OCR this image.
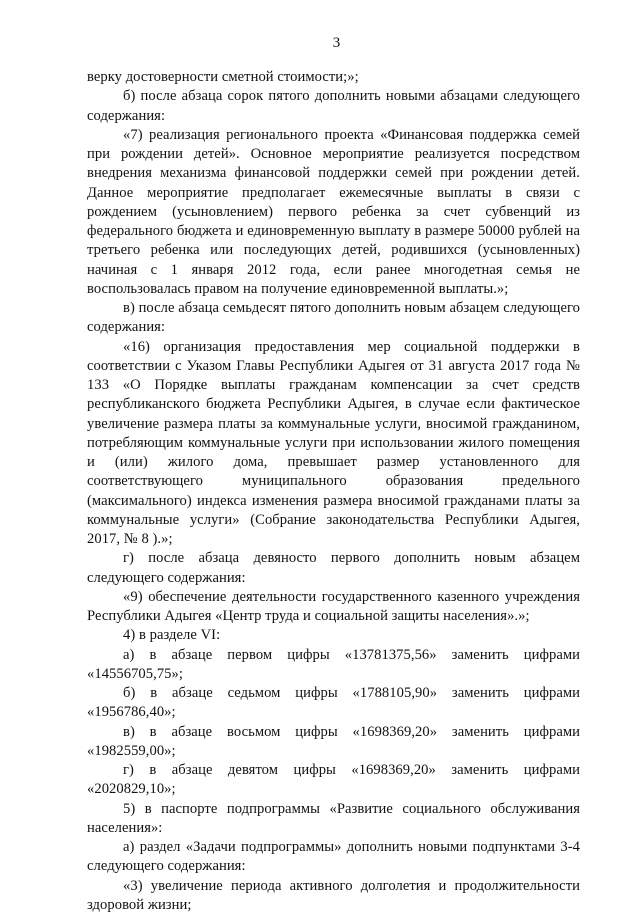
3

верку достоверности сметной стоимости;»;

б) после абзаца сорок пятого дополнить новыми абзацами следующего содержания:

«7) реализация регионального проекта «Финансовая поддержка семей при рождении детей». Основное мероприятие реализуется посредством внедрения механизма финансовой поддержки семей при рождении детей. Данное мероприятие предполагает ежемесячные выплаты в связи с рождением (усыновлением) первого ребенка за счет субвенций из федерального бюджета и единовременную выплату в размере 50000 рублей на третьего ребенка или последующих детей, родившихся (усыновленных) начиная с 1 января 2012 года, если ранее многодетная семья не воспользовалась правом на получение единовременной выплаты.»;

в) после абзаца семьдесят пятого дополнить новым абзацем следующего содержания:

«16) организация предоставления мер социальной поддержки в соответствии с Указом Главы Республики Адыгея от 31 августа 2017 года № 133 «О Порядке выплаты гражданам компенсации за счет средств республиканского бюджета Республики Адыгея, в случае если фактическое увеличение размера платы за коммунальные услуги, вносимой гражданином, потребляющим коммунальные услуги при использовании жилого помещения и (или) жилого дома, превышает размер установленного для соответствующего муниципального образования предельного (максимального) индекса изменения размера вносимой гражданами платы за коммунальные услуги» (Собрание законодательства Республики Адыгея, 2017, № 8 ).»;

г) после абзаца девяносто первого дополнить новым абзацем следующего содержания:

«9) обеспечение деятельности государственного казенного учреждения Республики Адыгея «Центр труда и социальной защиты населения».»;

4) в разделе VI:

а) в абзаце первом цифры «13781375,56» заменить цифрами «14556705,75»;

б) в абзаце седьмом цифры «1788105,90» заменить цифрами «1956786,40»;

в) в абзаце восьмом цифры «1698369,20» заменить цифрами «1982559,00»;

г) в абзаце девятом цифры «1698369,20» заменить цифрами «2020829,10»;

5) в паспорте подпрограммы «Развитие социального обслуживания населения»:

а) раздел «Задачи подпрограммы» дополнить новыми подпунктами 3-4 следующего содержания:

«3) увеличение периода активного долголетия и продолжительности здоровой жизни;
